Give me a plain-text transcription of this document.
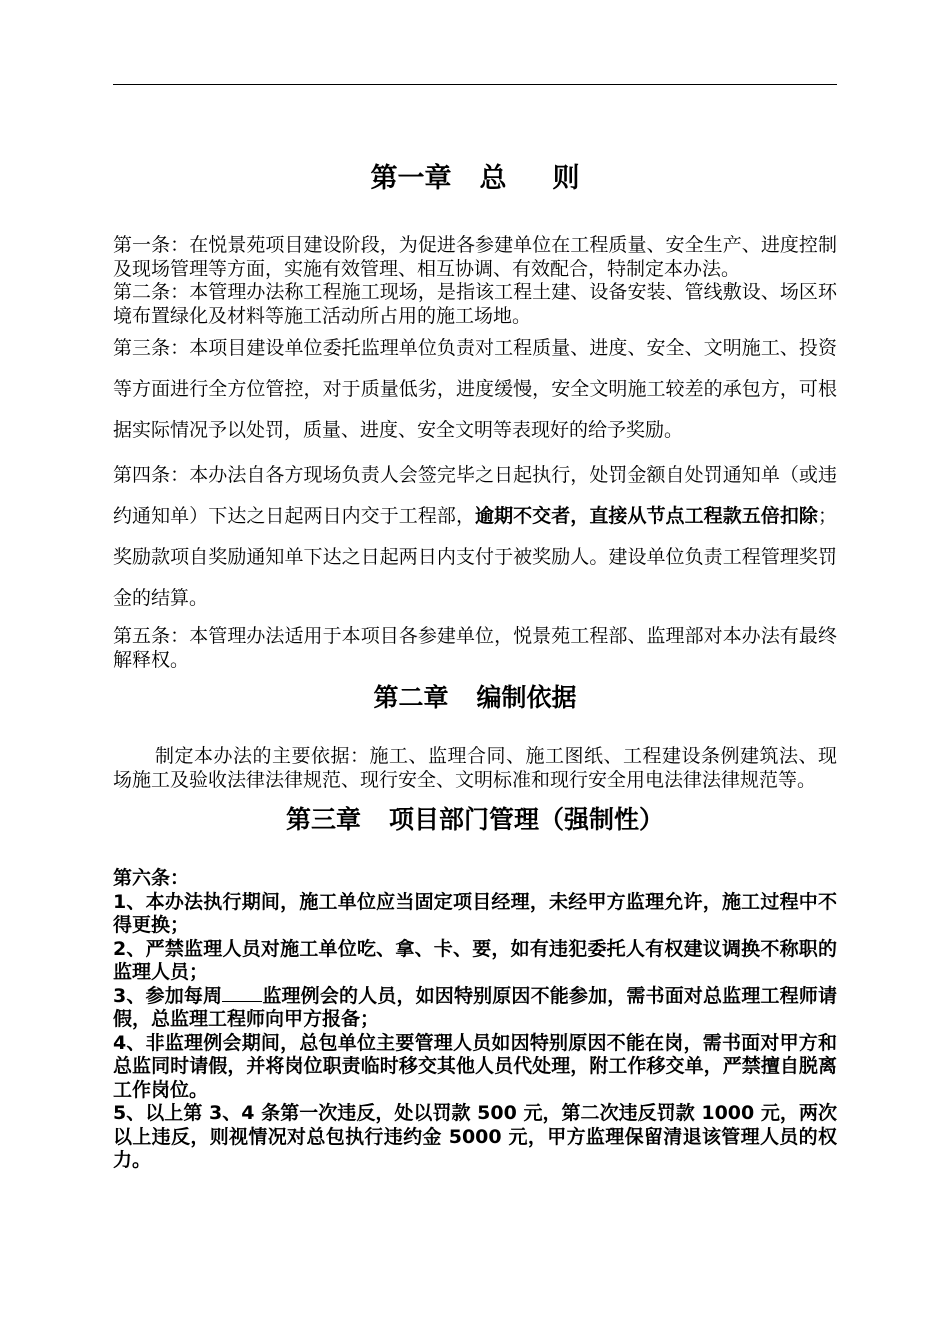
第一章 总 则

第一条：在悦景苑项目建设阶段，为促进各参建单位在工程质量、安全生产、进度控制及现场管理等方面，实施有效管理、相互协调、有效配合，特制定本办法。

第二条：本管理办法称工程施工现场，是指该工程土建、设备安装、管线敷设、场区环境布置绿化及材料等施工活动所占用的施工场地。

第三条：本项目建设单位委托监理单位负责对工程质量、进度、安全、文明施工、投资等方面进行全方位管控，对于质量低劣，进度缓慢，安全文明施工较差的承包方，可根据实际情况予以处罚，质量、进度、安全文明等表现好的给予奖励。

第四条：本办法自各方现场负责人会签完毕之日起执行，处罚金额自处罚通知单（或违约通知单）下达之日起两日内交于工程部，逾期不交者，直接从节点工程款五倍扣除；奖励款项自奖励通知单下达之日起两日内支付于被奖励人。建设单位负责工程管理奖罚金的结算。

第五条：本管理办法适用于本项目各参建单位，悦景苑工程部、监理部对本办法有最终解释权。

第二章 编制依据

制定本办法的主要依据：施工、监理合同、施工图纸、工程建设条例建筑法、现场施工及验收法律法律规范、现行安全、文明标准和现行安全用电法律法律规范等。

第三章 项目部门管理（强制性）

第六条：

1、本办法执行期间，施工单位应当固定项目经理，未经甲方监理允许，施工过程中不得更换；

2、严禁监理人员对施工单位吃、拿、卡、要，如有违犯委托人有权建议调换不称职的监理人员；

3、参加每周 监理例会的人员，如因特别原因不能参加，需书面对总监理工程师请假，总监理工程师向甲方报备；

4、非监理例会期间，总包单位主要管理人员如因特别原因不能在岗，需书面对甲方和总监同时请假，并将岗位职责临时移交其他人员代处理，附工作移交单，严禁擅自脱离工作岗位。

5、以上第 3、4 条第一次违反，处以罚款 500 元，第二次违反罚款 1000 元，两次以上违反，则视情况对总包执行违约金 5000 元，甲方监理保留清退该管理人员的权力。
